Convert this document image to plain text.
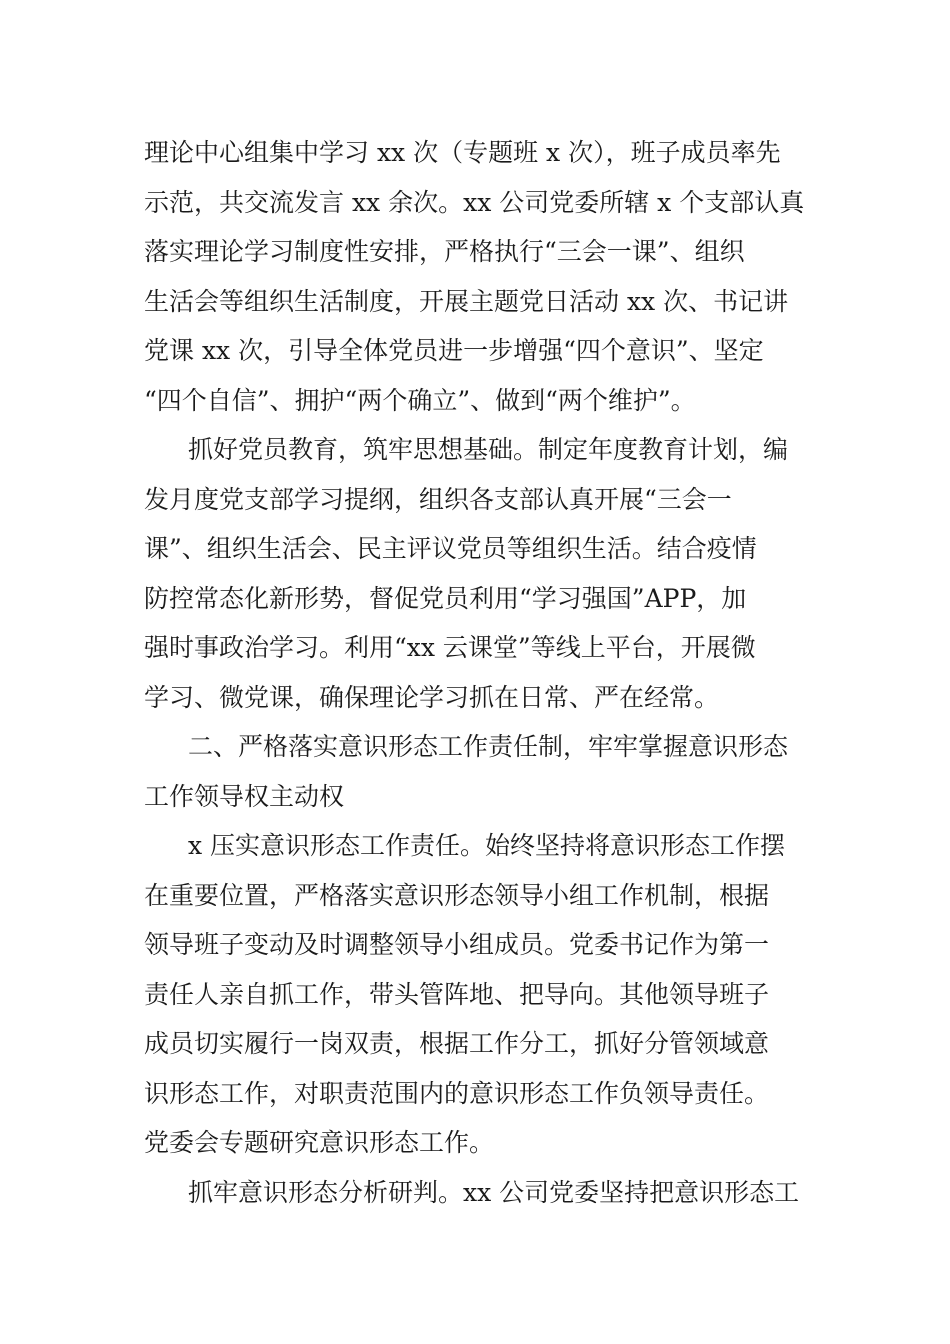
理论中心组集中学习 xx 次（专题班 x 次），班子成员率先
示范，共交流发言 xx 余次。xx 公司党委所辖 x 个支部认真
落实理论学习制度性安排，严格执行“三会一课”、组织
生活会等组织生活制度，开展主题党日活动 xx 次、书记讲
党课 xx 次，引导全体党员进一步增强“四个意识”、坚定
“四个自信”、拥护“两个确立”、做到“两个维护”。
抓好党员教育，筑牢思想基础。制定年度教育计划，编
发月度党支部学习提纲，组织各支部认真开展“三会一
课”、组织生活会、民主评议党员等组织生活。结合疫情
防控常态化新形势，督促党员利用“学习强国”APP，加
强时事政治学习。利用“xx 云课堂”等线上平台，开展微
学习、微党课，确保理论学习抓在日常、严在经常。
二、严格落实意识形态工作责任制，牢牢掌握意识形态
工作领导权主动权
x 压实意识形态工作责任。始终坚持将意识形态工作摆
在重要位置，严格落实意识形态领导小组工作机制，根据
领导班子变动及时调整领导小组成员。党委书记作为第一
责任人亲自抓工作，带头管阵地、把导向。其他领导班子
成员切实履行一岗双责，根据工作分工，抓好分管领域意
识形态工作，对职责范围内的意识形态工作负领导责任。
党委会专题研究意识形态工作。
抓牢意识形态分析研判。xx 公司党委坚持把意识形态工
